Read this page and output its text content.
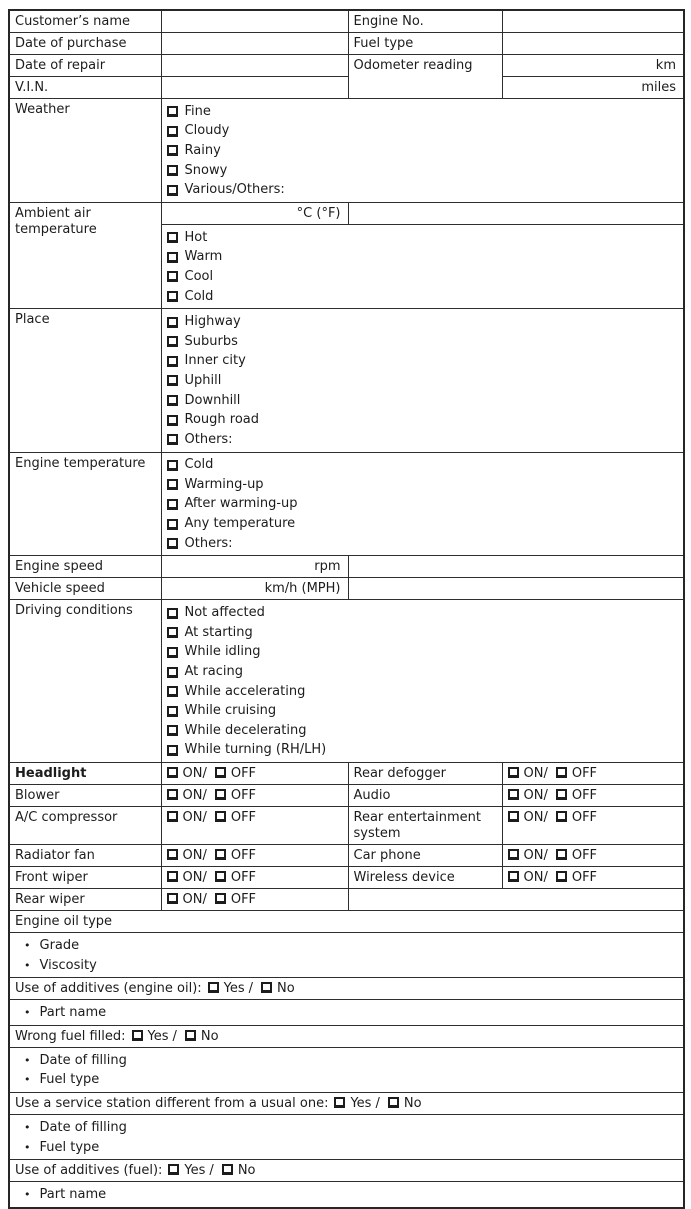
Customer’s name		Engine No.	
Date of purchase		Fuel type	
Date of repair		Odometer reading	km
V.I.N.			miles
Weather	Fine
Cloudy
Rainy
Snowy
Various/Others:		

Ambient air temperature	°C (°F)		

	Hot
Warm
Cool
Cold		

Place	Highway
Suburbs
Inner city
Uphill
Downhill
Rough road
Others:

Engine temperature	Cold
Warming-up
After warming-up
Any temperature
Others:		

Engine speed	rpm		
Vehicle speed	km/h (MPH)		
Driving conditions	Not affected
At starting
While idling
At racing
While accelerating
While cruising
While decelerating
While turning (RH/LH)

Headlight	ON/ OFF	Rear defogger	ON/ OFF
Blower	ON/ OFF	Audio	ON/ OFF
A/C compressor	ON/ OFF	Rear entertainment system	ON/ OFF
Radiator fan	ON/ OFF	Car phone	ON/ OFF
Front wiper	ON/ OFF	Wireless device	ON/ OFF
Rear wiper	ON/ OFF		
Engine oil type			

• Grade
• Viscosity			

Use of additives (engine oil): Yes / No			

• Part name			

Wrong fuel filled: Yes / No			

• Date of filling
• Fuel type			

Use a service station different from a usual one: Yes / No			

• Date of filling
• Fuel type			

Use of additives (fuel): Yes / No			

• Part name			
